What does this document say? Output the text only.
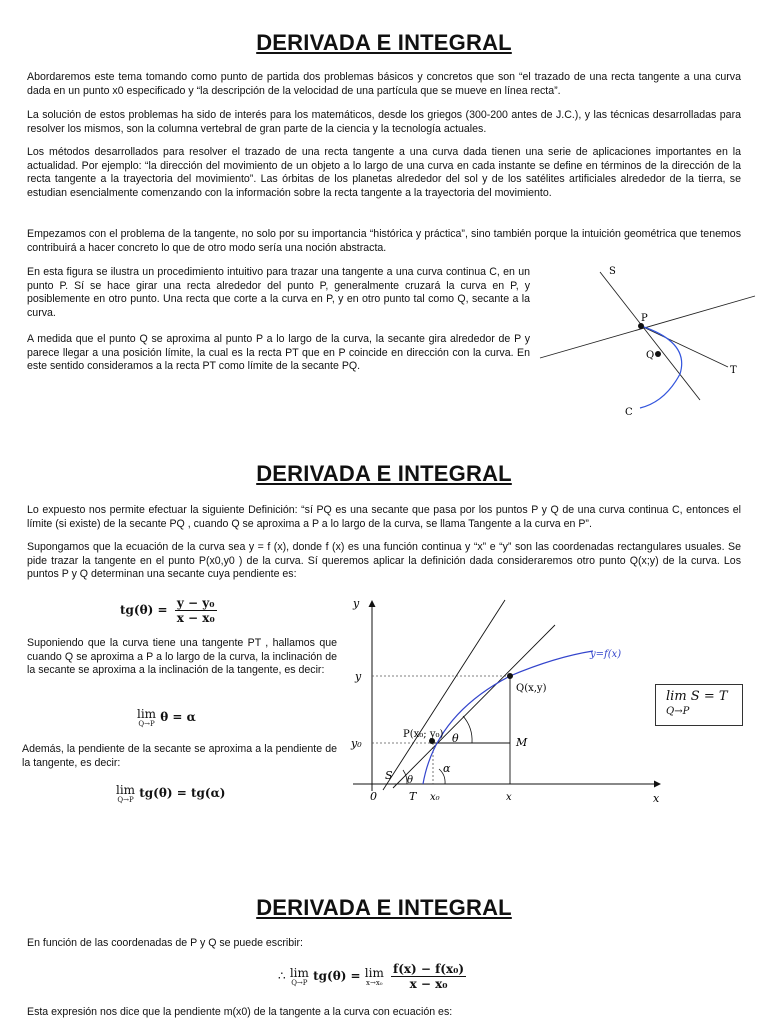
DERIVADA E INTEGRAL

Abordaremos este tema tomando como punto de partida dos problemas básicos y concretos que son “el trazado de una recta tangente a una curva dada en un punto x0 especificado y “la descripción de la velocidad de una partícula que se mueve en línea recta”.

La solución de estos problemas ha sido de interés para los matemáticos, desde los griegos (300-200 antes de J.C.), y las técnicas desarrolladas para resolver los mismos, son la columna vertebral de gran parte de la ciencia y la tecnología actuales.

Los métodos desarrollados para resolver el trazado de una recta tangente a una curva dada tienen una serie de aplicaciones importantes en la actualidad. Por ejemplo: “la dirección del movimiento de un objeto a lo largo de una curva en cada instante se define en términos de la dirección de la recta tangente a la trayectoria del movimiento”. Las órbitas de los planetas alrededor del sol y de los satélites artificiales alrededor de la tierra, se estudian esencialmente comenzando con la información sobre la recta tangente a la trayectoria del movimiento.

Empezamos con el problema de la tangente, no solo por su importancia “histórica y práctica”, sino también porque la intuición geométrica que tenemos contribuirá a hacer concreto lo que de otro modo sería una noción abstracta.

En esta figura se ilustra un procedimiento intuitivo para trazar una tangente a una curva continua C, en un punto P. Sí se hace girar una recta alrededor del punto P, generalmente cruzará la curva en P, y posiblemente en otro punto. Una recta que corte a la curva en P, y en otro punto tal como Q, secante a la curva.

A medida que el punto Q se aproxima al punto P a lo largo de la curva, la secante gira alrededor de P y parece llegar a una posición límite, la cual es la recta PT que en P coincide en dirección con la curva. En este sentido consideramos a la recta PT como límite de la secante PQ.

S
P
Q
T
C
DERIVADA E INTEGRAL

Lo expuesto nos permite efectuar la siguiente Definición: “sí PQ es una secante que pasa por los puntos P y Q de una curva continua C, entonces el límite (si existe) de la secante PQ , cuando Q se aproxima a P a lo largo de la curva, se llama Tangente a la curva en P”.

Supongamos que la ecuación de la curva sea y = f (x), donde f (x) es una función continua y “x” e “y” son las coordenadas rectangulares usuales. Se pide trazar la tangente en el punto P(x0,y0 ) de la curva. Sí queremos aplicar la definición dada consideraremos otro punto Q(x;y) de la curva. Los puntos P y Q determinan una secante cuya pendiente es:

$tg(\theta) = \frac{\text{y − y₀}}{\text{x − x₀}}$

Suponiendo que la curva tiene una tangente PT , hallamos que cuando Q se aproxima a P a lo largo de la curva, la inclinación de la secante se aproxima a la inclinación de la tangente, es decir:

lim
Q→P θ = α

Además, la pendiente de la secante se aproxima a la pendiente de la tangente, es decir:

lim
Q→P tg(θ) = tg(α)
y
x
0
y=f(x)
Q(x,y)
P(x₀; y₀)
y
y₀
x₀	x
T
S
M
θ
θ
α
lim S = T
Q→P
DERIVADA E INTEGRAL

En función de las coordenadas de P y Q se puede escribir:

∴ lim
Q→P tg(θ) = lim
x→x₀
$\frac{\text{f(x) − f(x₀)}}{\text{x − x₀}}$

Esta expresión nos dice que la pendiente m(x0) de la tangente a la curva con ecuación es:
